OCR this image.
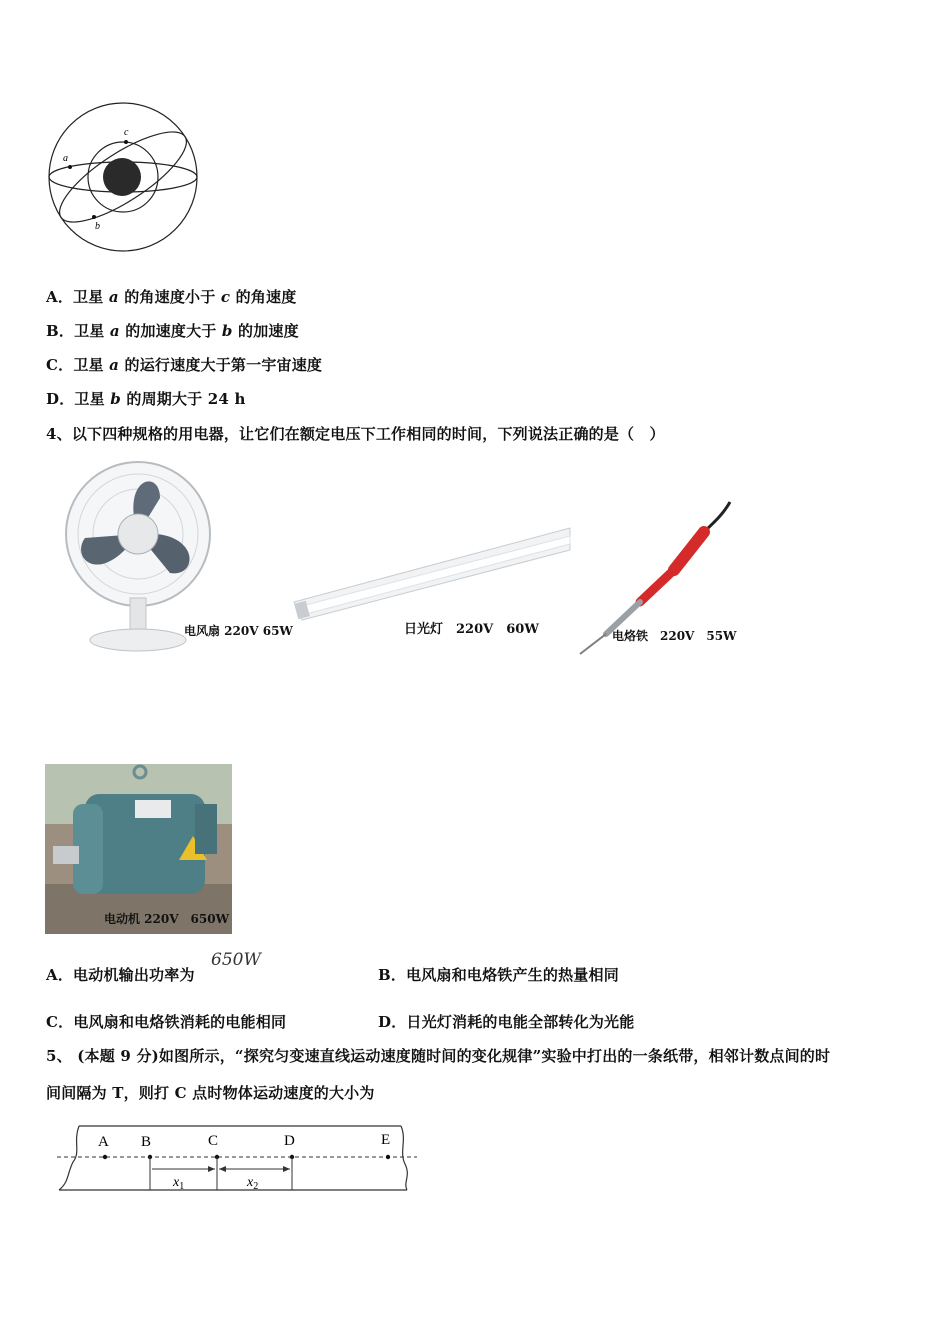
a
c
b
A．卫星 a 的角速度小于 c 的角速度
B．卫星 a 的加速度大于 b 的加速度
C．卫星 a 的运行速度大于第一宇宙速度
D．卫星 b 的周期大于 24 h
4、以下四种规格的用电器，让它们在额定电压下工作相同的时间，下列说法正确的是（　）
电风扇 220V 65W	日光灯　220V　60W	电烙铁　220V　55W
电动机 220V　650W
A．电动机输出功率为
650W
B．电风扇和电烙铁产生的热量相同
C．电风扇和电烙铁消耗的电能相同	D．日光灯消耗的电能全部转化为光能
5、 (本题 9 分)如图所示，“探究匀变速直线运动速度随时间的变化规律”实验中打出的一条纸带，相邻计数点间的时
间间隔为 T，则打 C 点时物体运动速度的大小为
A B	C	D	E
$x_1$	$x_2$
